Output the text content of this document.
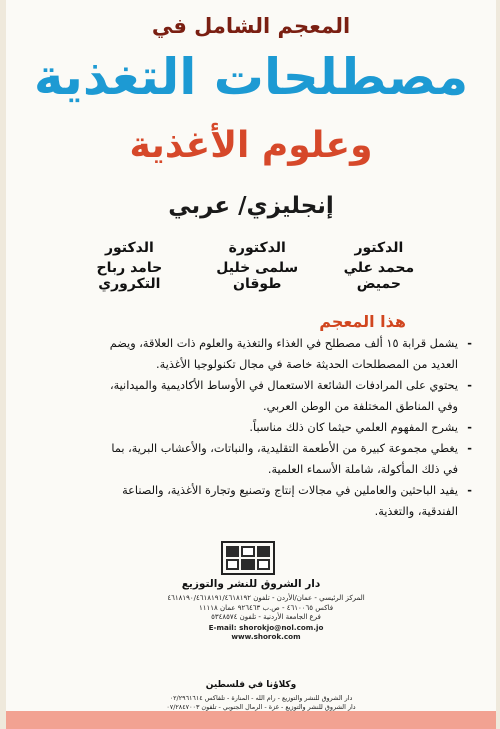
المعجم الشامل في
مصطلحات التغذية
وعلوم الأغذية
إنجليزي/ عربي
الدكتور
حامد رباح التكروري
الدكتورة
سلمى خليل طوقان
الدكتور
محمد علي حميض
هذا المعجم
- يشمل قرابة ١٥ ألف مصطلح في الغذاء والتغذية والعلوم ذات العلاقة، ويضم العديد من المصطلحات الحديثة خاصة في مجال تكنولوجيا الأغذية.
- يحتوي على المرادفات الشائعة الاستعمال في الأوساط الأكاديمية والميدانية، وفي المناطق المختلفة من الوطن العربي.
- يشرح المفهوم العلمي حيثما كان ذلك مناسباً.
- يغطي مجموعة كبيرة من الأطعمة التقليدية، والنباتات، والأعشاب البرية، بما في ذلك المأكولة، شاملة الأسماء العلمية.
- يفيد الباحثين والعاملين في مجالات إنتاج وتصنيع وتجارة الأغذية، والصناعة الفندقية، والتغذية.
دار الشروق للنشر والتوزيع
المركز الرئيسي - عمان/الأردن - تلفون ٤٦١٨١٩٠/٤٦١٨١٩١/٤٦١٨١٩٢
فاكس ٤٦١٠٠٦٥ - ص.ب ٩٢٦٤٦٣ عمان ١١١١٨
فرع الجامعة الأردنية - تلفون ٥٣٤٨٥٧٤
E-mail: shorokjo@nol.com.jo
www.shorok.com
وكلاؤنا في فلسطين
دار الشروق للنشر والتوزيع - رام الله - المنارة - تلفاكس ٠٢/٢٩٦١٦١٤
دار الشروق للنشر والتوزيع - غزة - الرمال الجنوبي - تلفون ٠٧/٢٨٤٧٠٠٣
